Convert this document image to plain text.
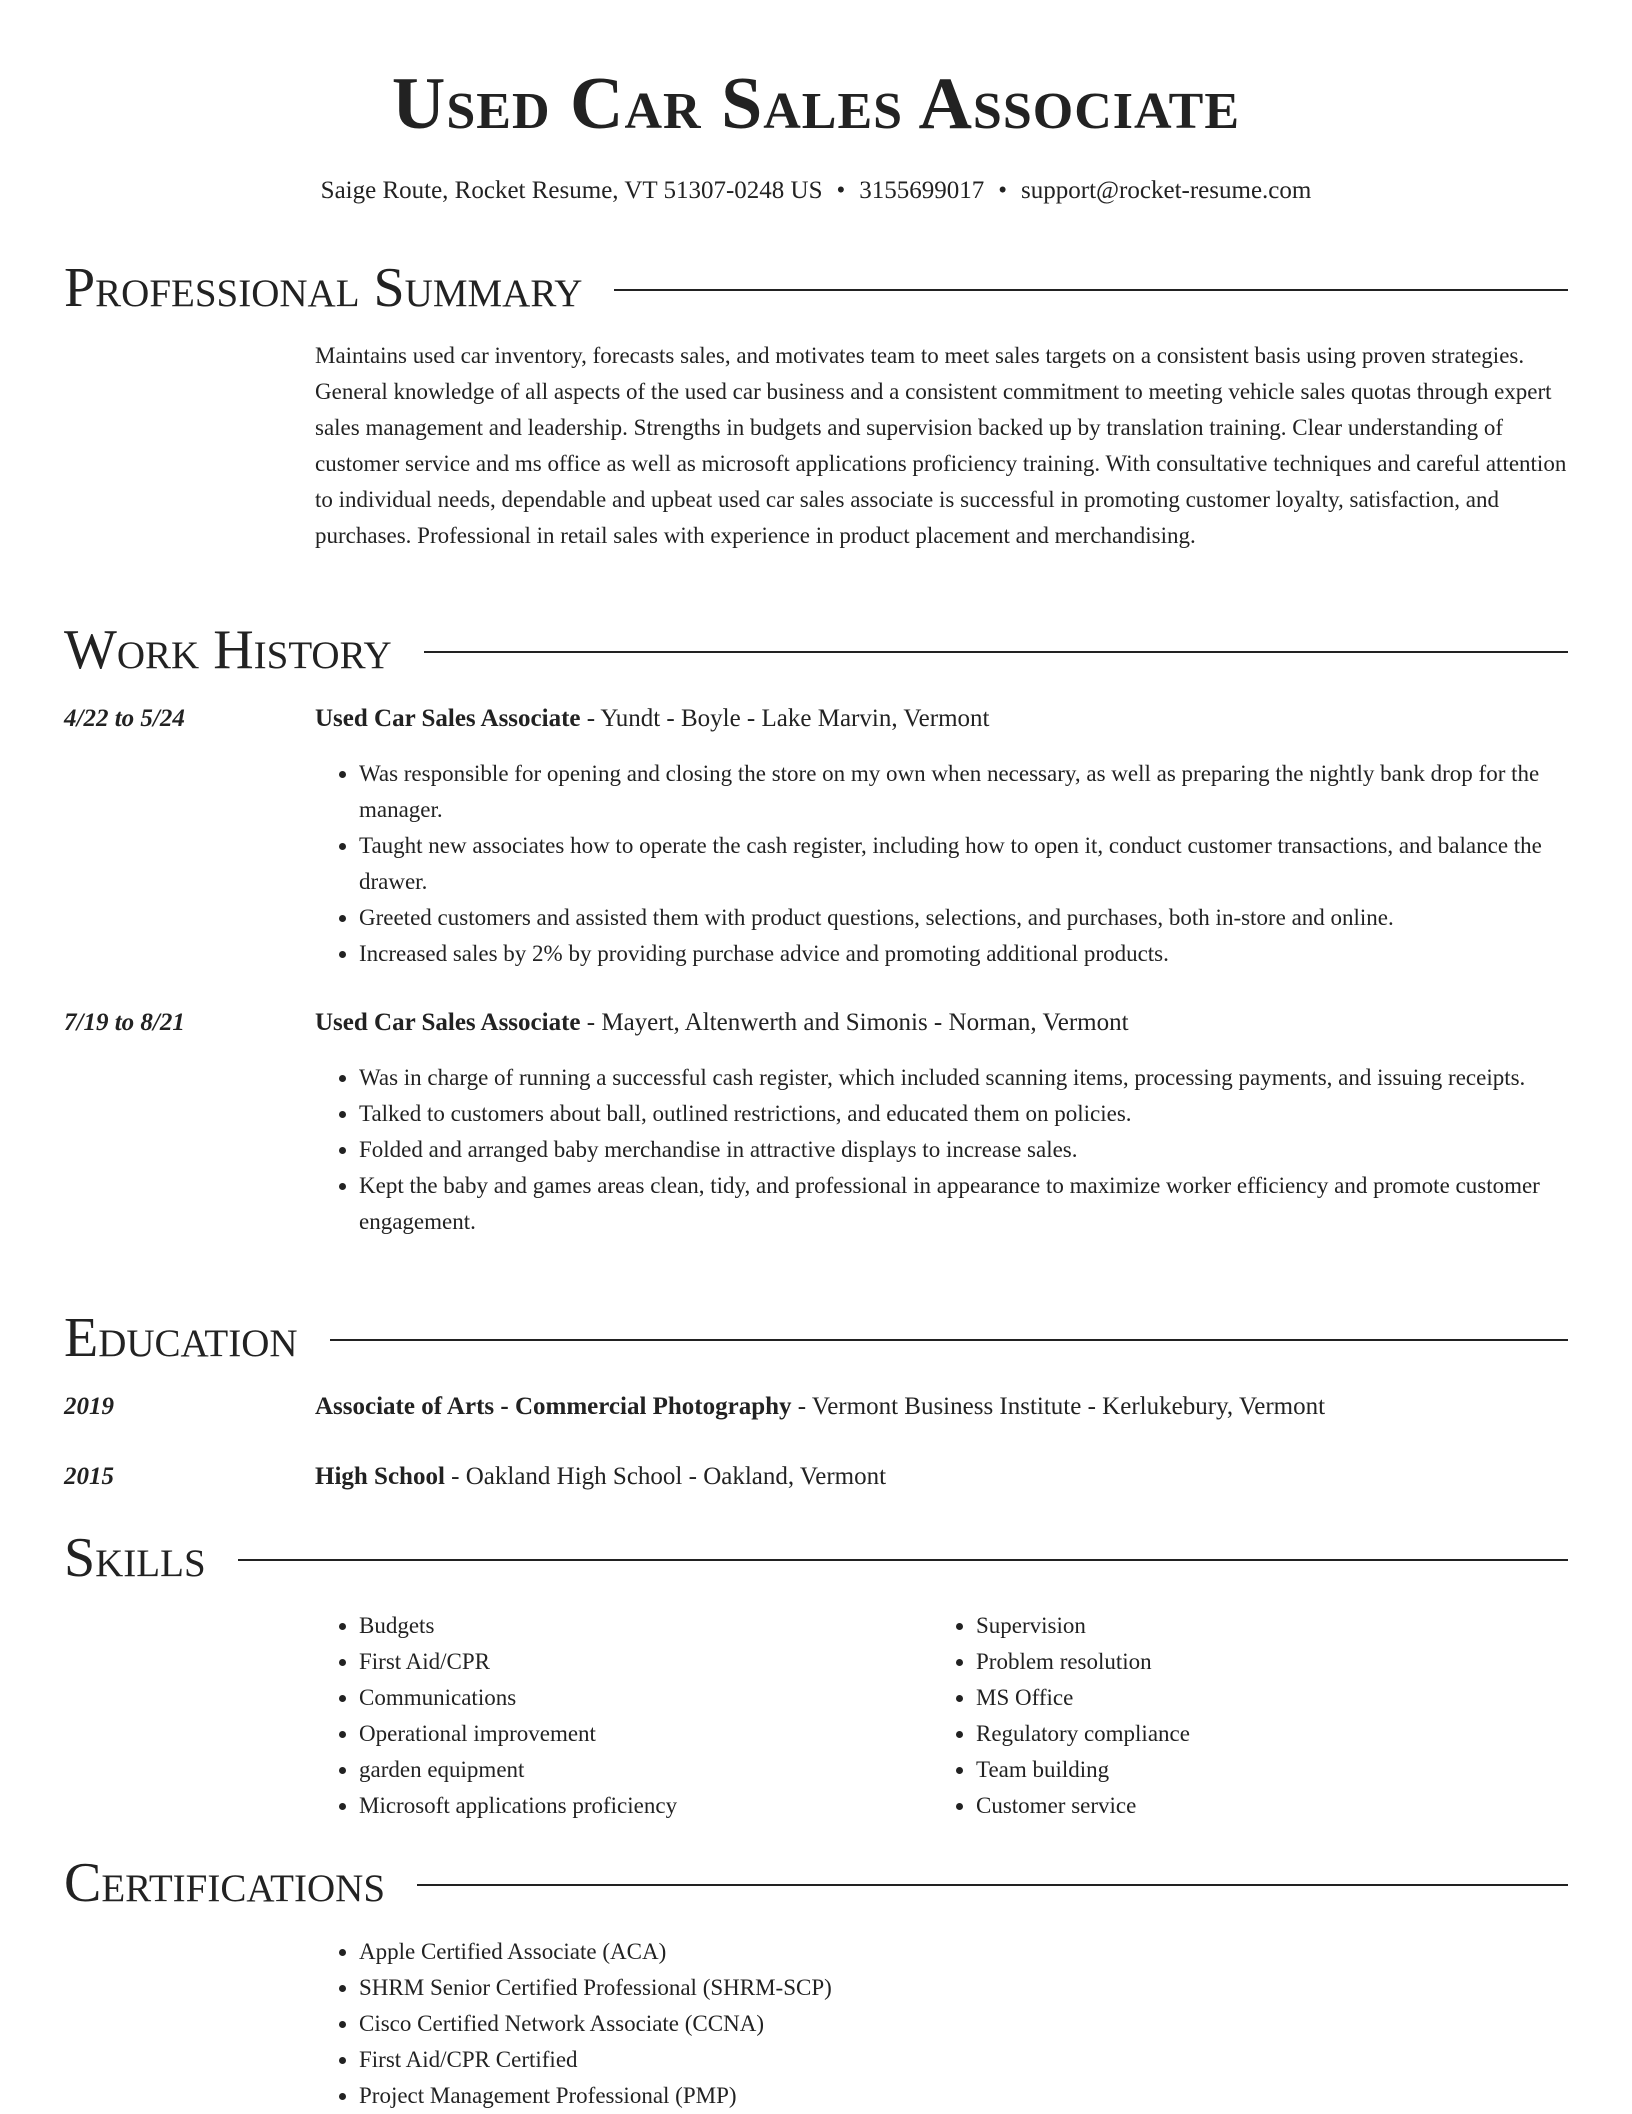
Used Car Sales Associate
Saige Route, Rocket Resume, VT 51307-0248 US • 3155699017 • support@rocket-resume.com
Professional Summary

Maintains used car inventory, forecasts sales, and motivates team to meet sales targets on a consistent basis using proven strategies. General knowledge of all aspects of the used car business and a consistent commitment to meeting vehicle sales quotas through expert sales management and leadership. Strengths in budgets and supervision backed up by translation training. Clear understanding of customer service and ms office as well as microsoft applications proficiency training. With consultative techniques and careful attention to individual needs, dependable and upbeat used car sales associate is successful in promoting customer loyalty, satisfaction, and purchases. Professional in retail sales with experience in product placement and merchandising.

Work History
4/22 to 5/24	Used Car Sales Associate - Yundt - Boyle - Lake Marvin, Vermont
• Was responsible for opening and closing the store on my own when necessary, as well as preparing the nightly bank drop for the manager.
• Taught new associates how to operate the cash register, including how to open it, conduct customer transactions, and balance the drawer.
• Greeted customers and assisted them with product questions, selections, and purchases, both in-store and online.
• Increased sales by 2% by providing purchase advice and promoting additional products.
7/19 to 8/21	Used Car Sales Associate - Mayert, Altenwerth and Simonis - Norman, Vermont
• Was in charge of running a successful cash register, which included scanning items, processing payments, and issuing receipts.
• Talked to customers about ball, outlined restrictions, and educated them on policies.
• Folded and arranged baby merchandise in attractive displays to increase sales.
• Kept the baby and games areas clean, tidy, and professional in appearance to maximize worker efficiency and promote customer engagement.
Education
2019	Associate of Arts - Commercial Photography - Vermont Business Institute - Kerlukebury, Vermont
2015	High School - Oakland High School - Oakland, Vermont
Skills
• Budgets
• First Aid/CPR
• Communications
• Operational improvement
• garden equipment
• Microsoft applications proficiency
• Supervision
• Problem resolution
• MS Office
• Regulatory compliance
• Team building
• Customer service
Certifications
• Apple Certified Associate (ACA)
• SHRM Senior Certified Professional (SHRM-SCP)
• Cisco Certified Network Associate (CCNA)
• First Aid/CPR Certified
• Project Management Professional (PMP)
